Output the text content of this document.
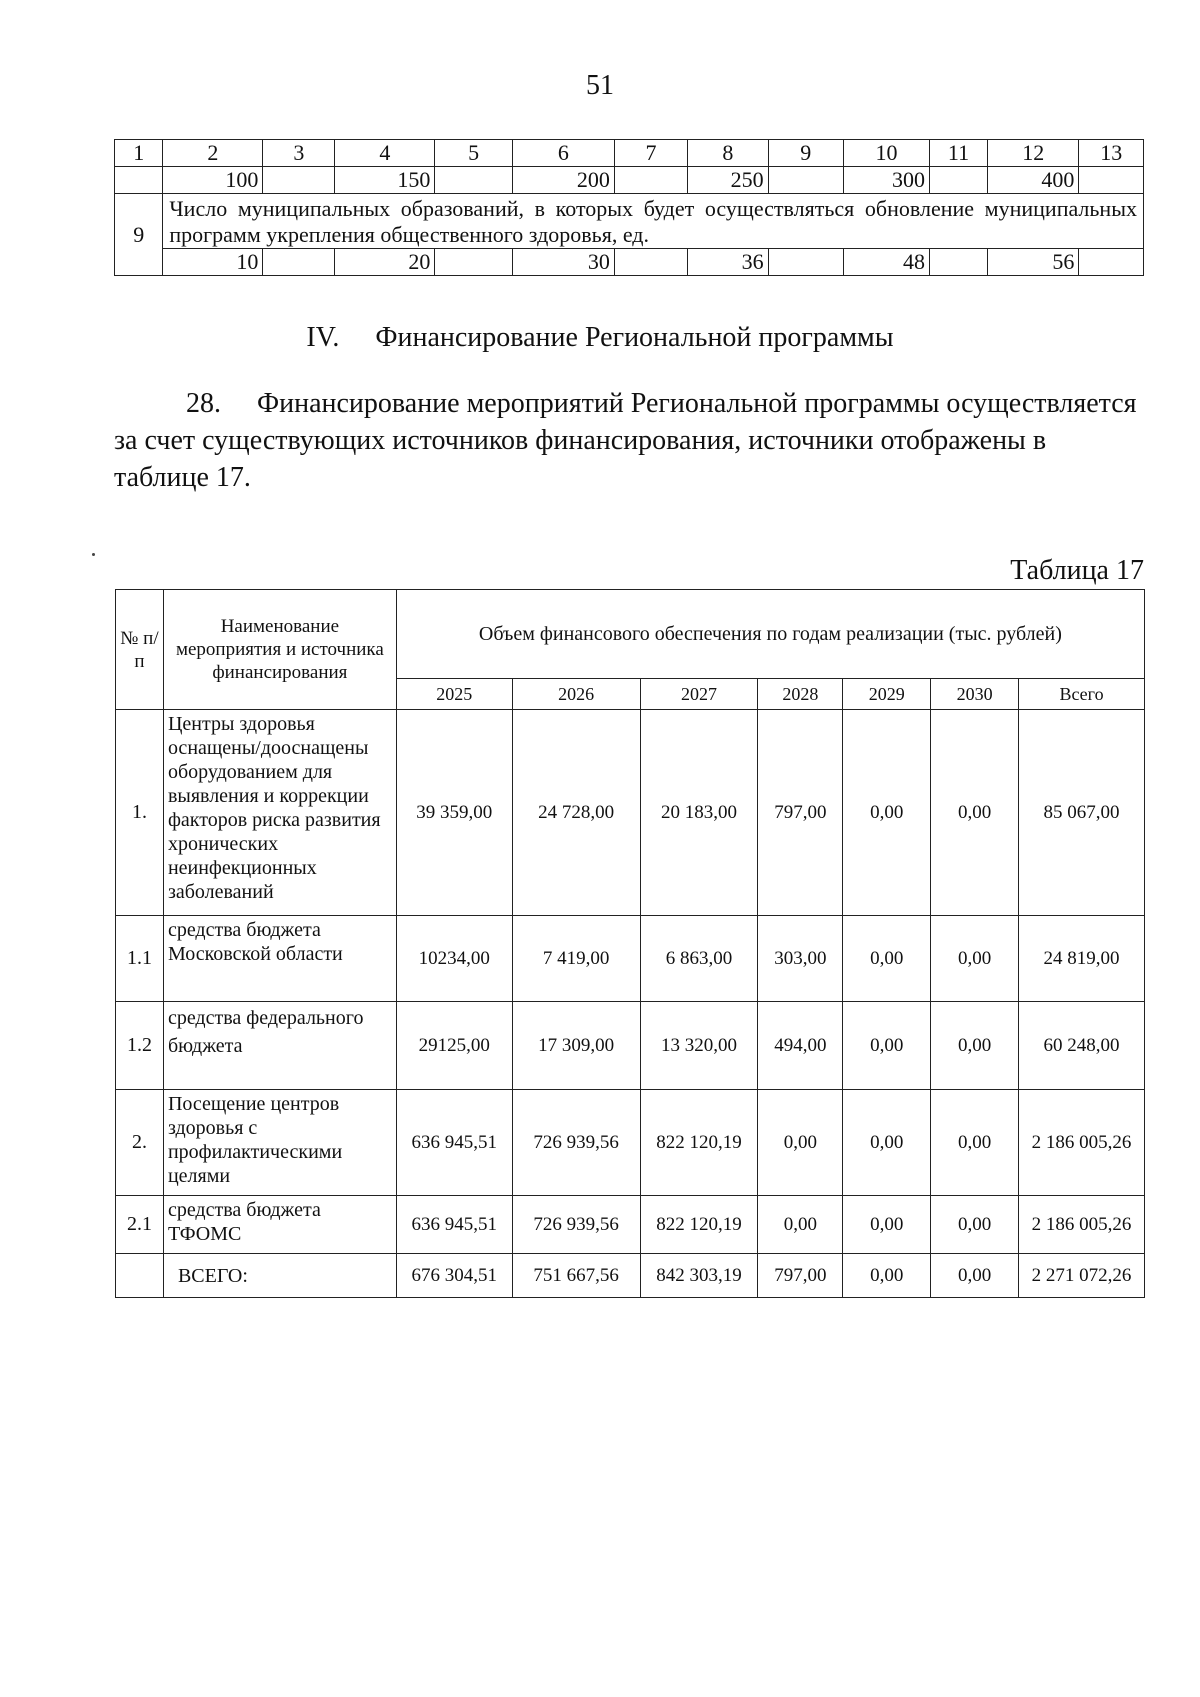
51
1	2	3	4	5	6	7	8	9	10	11	12	13
	100		150		200		250		300		400	
9	Число муниципальных образований, в которых будет осуществляться обновление муниципальных программ укрепления общественного здоровья, ед.											
	10		20		30		36		48		56	
IV. Финансирование Региональной программы
28. Финансирование мероприятий Региональной программы осуществляется за счет существующих источников финансирования, источники отображены в таблице 17.
Таблица 17
№ п/п	Наименование мероприятия и источника финансирования	Объем финансового обеспечения по годам реализации (тыс. рублей)						
		2025	2026	2027	2028	2029	2030	Всего
1.	Центры здоровья оснащены/дооснащены оборудованием для выявления и коррекции факторов риска развития хронических неинфекционных заболеваний	39 359,00	24 728,00	20 183,00	797,00	0,00	0,00	85 067,00
1.1	средства бюджета Московской области	10234,00	7 419,00	6 863,00	303,00	0,00	0,00	24 819,00
1.2	средства федерального бюджета	29125,00	17 309,00	13 320,00	494,00	0,00	0,00	60 248,00
2.	Посещение центров здоровья с профилактическими целями	636 945,51	726 939,56	822 120,19	0,00	0,00	0,00	2 186 005,26
2.1	средства бюджета ТФОМС	636 945,51	726 939,56	822 120,19	0,00	0,00	0,00	2 186 005,26
	ВСЕГО:	676 304,51	751 667,56	842 303,19	797,00	0,00	0,00	2 271 072,26
